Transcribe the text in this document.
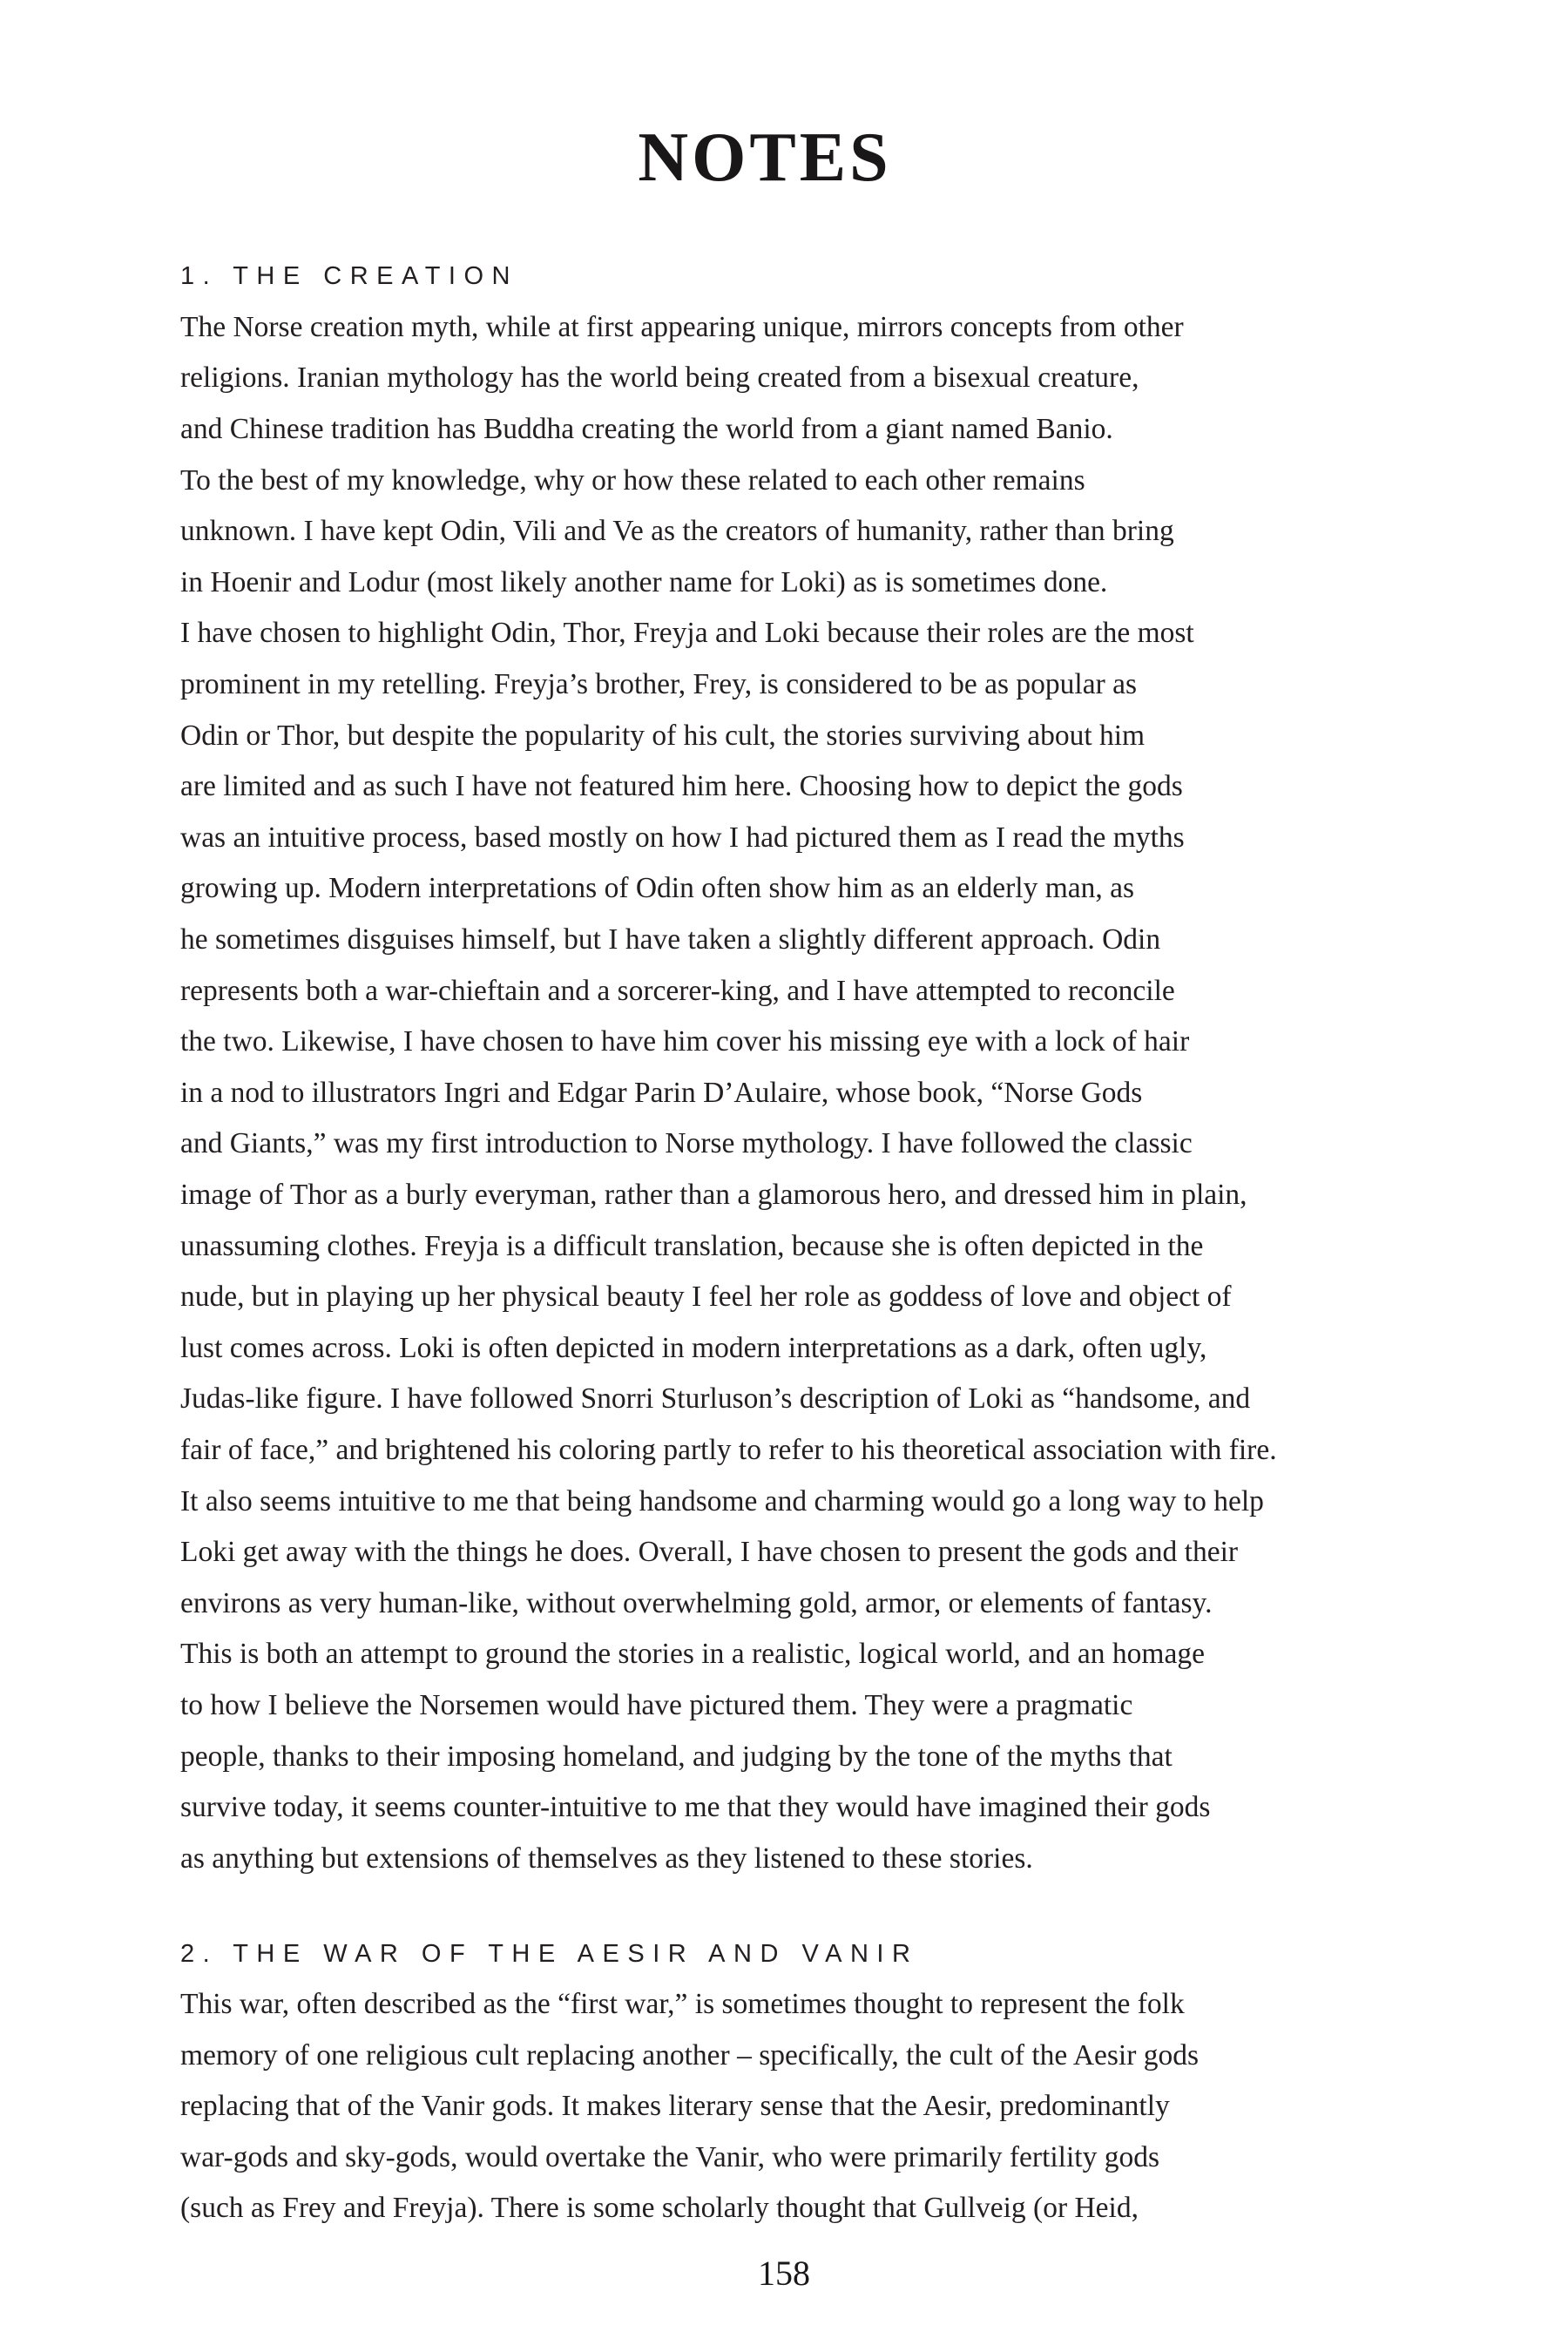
NOTES
1. THE CREATION
The Norse creation myth, while at first appearing unique, mirrors concepts from other
religions. Iranian mythology has the world being created from a bisexual creature,
and Chinese tradition has Buddha creating the world from a giant named Banio.
To the best of my knowledge, why or how these related to each other remains
unknown. I have kept Odin, Vili and Ve as the creators of humanity, rather than bring
in Hoenir and Lodur (most likely another name for Loki) as is sometimes done.
I have chosen to highlight Odin, Thor, Freyja and Loki because their roles are the most
prominent in my retelling. Freyja’s brother, Frey, is considered to be as popular as
Odin or Thor, but despite the popularity of his cult, the stories surviving about him
are limited and as such I have not featured him here. Choosing how to depict the gods
was an intuitive process, based mostly on how I had pictured them as I read the myths
growing up. Modern interpretations of Odin often show him as an elderly man, as
he sometimes disguises himself, but I have taken a slightly different approach. Odin
represents both a war-chieftain and a sorcerer-king, and I have attempted to reconcile
the two. Likewise, I have chosen to have him cover his missing eye with a lock of hair
in a nod to illustrators Ingri and Edgar Parin D’Aulaire, whose book, “Norse Gods
and Giants,” was my first introduction to Norse mythology. I have followed the classic
image of Thor as a burly everyman, rather than a glamorous hero, and dressed him in plain,
unassuming clothes. Freyja is a difficult translation, because she is often depicted in the
nude, but in playing up her physical beauty I feel her role as goddess of love and object of
lust comes across. Loki is often depicted in modern interpretations as a dark, often ugly,
Judas-like figure. I have followed Snorri Sturluson’s description of Loki as “handsome, and
fair of face,” and brightened his coloring partly to refer to his theoretical association with fire.
It also seems intuitive to me that being handsome and charming would go a long way to help
Loki get away with the things he does. Overall, I have chosen to present the gods and their
environs as very human-like, without overwhelming gold, armor, or elements of fantasy.
This is both an attempt to ground the stories in a realistic, logical world, and an homage
to how I believe the Norsemen would have pictured them. They were a pragmatic
people, thanks to their imposing homeland, and judging by the tone of the myths that
survive today, it seems counter-intuitive to me that they would have imagined their gods
as anything but extensions of themselves as they listened to these stories.
2. THE WAR OF THE AESIR AND VANIR
This war, often described as the “first war,” is sometimes thought to represent the folk
memory of one religious cult replacing another – specifically, the cult of the Aesir gods
replacing that of the Vanir gods. It makes literary sense that the Aesir, predominantly
war-gods and sky-gods, would overtake the Vanir, who were primarily fertility gods
(such as Frey and Freyja). There is some scholarly thought that Gullveig (or Heid,
158
